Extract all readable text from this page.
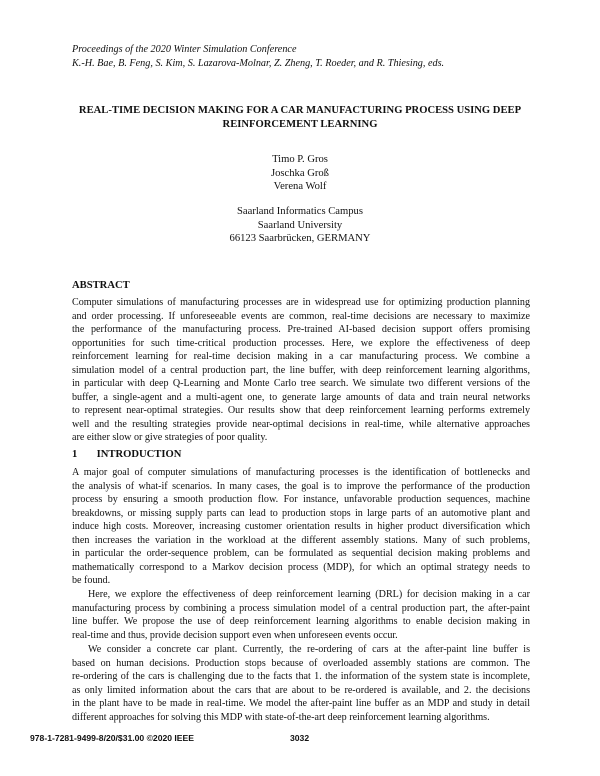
Proceedings of the 2020 Winter Simulation Conference
K.-H. Bae, B. Feng, S. Kim, S. Lazarova-Molnar, Z. Zheng, T. Roeder, and R. Thiesing, eds.
REAL-TIME DECISION MAKING FOR A CAR MANUFACTURING PROCESS USING DEEP
REINFORCEMENT LEARNING
Timo P. Gros
Joschka Groß
Verena Wolf
Saarland Informatics Campus
Saarland University
66123 Saarbrücken, GERMANY
ABSTRACT
Computer simulations of manufacturing processes are in widespread use for optimizing production planning
and order processing. If unforeseeable events are common, real-time decisions are necessary to maximize
the performance of the manufacturing process. Pre-trained AI-based decision support offers promising
opportunities for such time-critical production processes. Here, we explore the effectiveness of deep
reinforcement learning for real-time decision making in a car manufacturing process. We combine a
simulation model of a central production part, the line buffer, with deep reinforcement learning algorithms,
in particular with deep Q-Learning and Monte Carlo tree search. We simulate two different versions of the
buffer, a single-agent and a multi-agent one, to generate large amounts of data and train neural networks
to represent near-optimal strategies. Our results show that deep reinforcement learning performs extremely
well and the resulting strategies provide near-optimal decisions in real-time, while alternative approaches
are either slow or give strategies of poor quality.
1 INTRODUCTION
A major goal of computer simulations of manufacturing processes is the identification of bottlenecks and
the analysis of what-if scenarios. In many cases, the goal is to improve the performance of the production
process by ensuring a smooth production flow. For instance, unfavorable production sequences, machine
breakdowns, or missing supply parts can lead to production stops in large parts of an automotive plant and
induce high costs. Moreover, increasing customer orientation results in higher product diversification which
then increases the variation in the workload at the different assembly stations. Many of such problems,
in particular the order-sequence problem, can be formulated as sequential decision making problems and
mathematically correspond to a Markov decision process (MDP), for which an optimal strategy needs to
be found.
Here, we explore the effectiveness of deep reinforcement learning (DRL) for decision making in a car
manufacturing process by combining a process simulation model of a central production part, the after-paint
line buffer. We propose the use of deep reinforcement learning algorithms to enable decision making in
real-time and thus, provide decision support even when unforeseen events occur.
We consider a concrete car plant. Currently, the re-ordering of cars at the after-paint line buffer is
based on human decisions. Production stops because of overloaded assembly stations are common. The
re-ordering of the cars is challenging due to the facts that 1. the information of the system state is incomplete,
as only limited information about the cars that are about to be re-ordered is available, and 2. the decisions
in the plant have to be made in real-time. We model the after-paint line buffer as an MDP and study in detail
different approaches for solving this MDP with state-of-the-art deep reinforcement learning algorithms.
978-1-7281-9499-8/20/$31.00 ©2020 IEEE	3032
